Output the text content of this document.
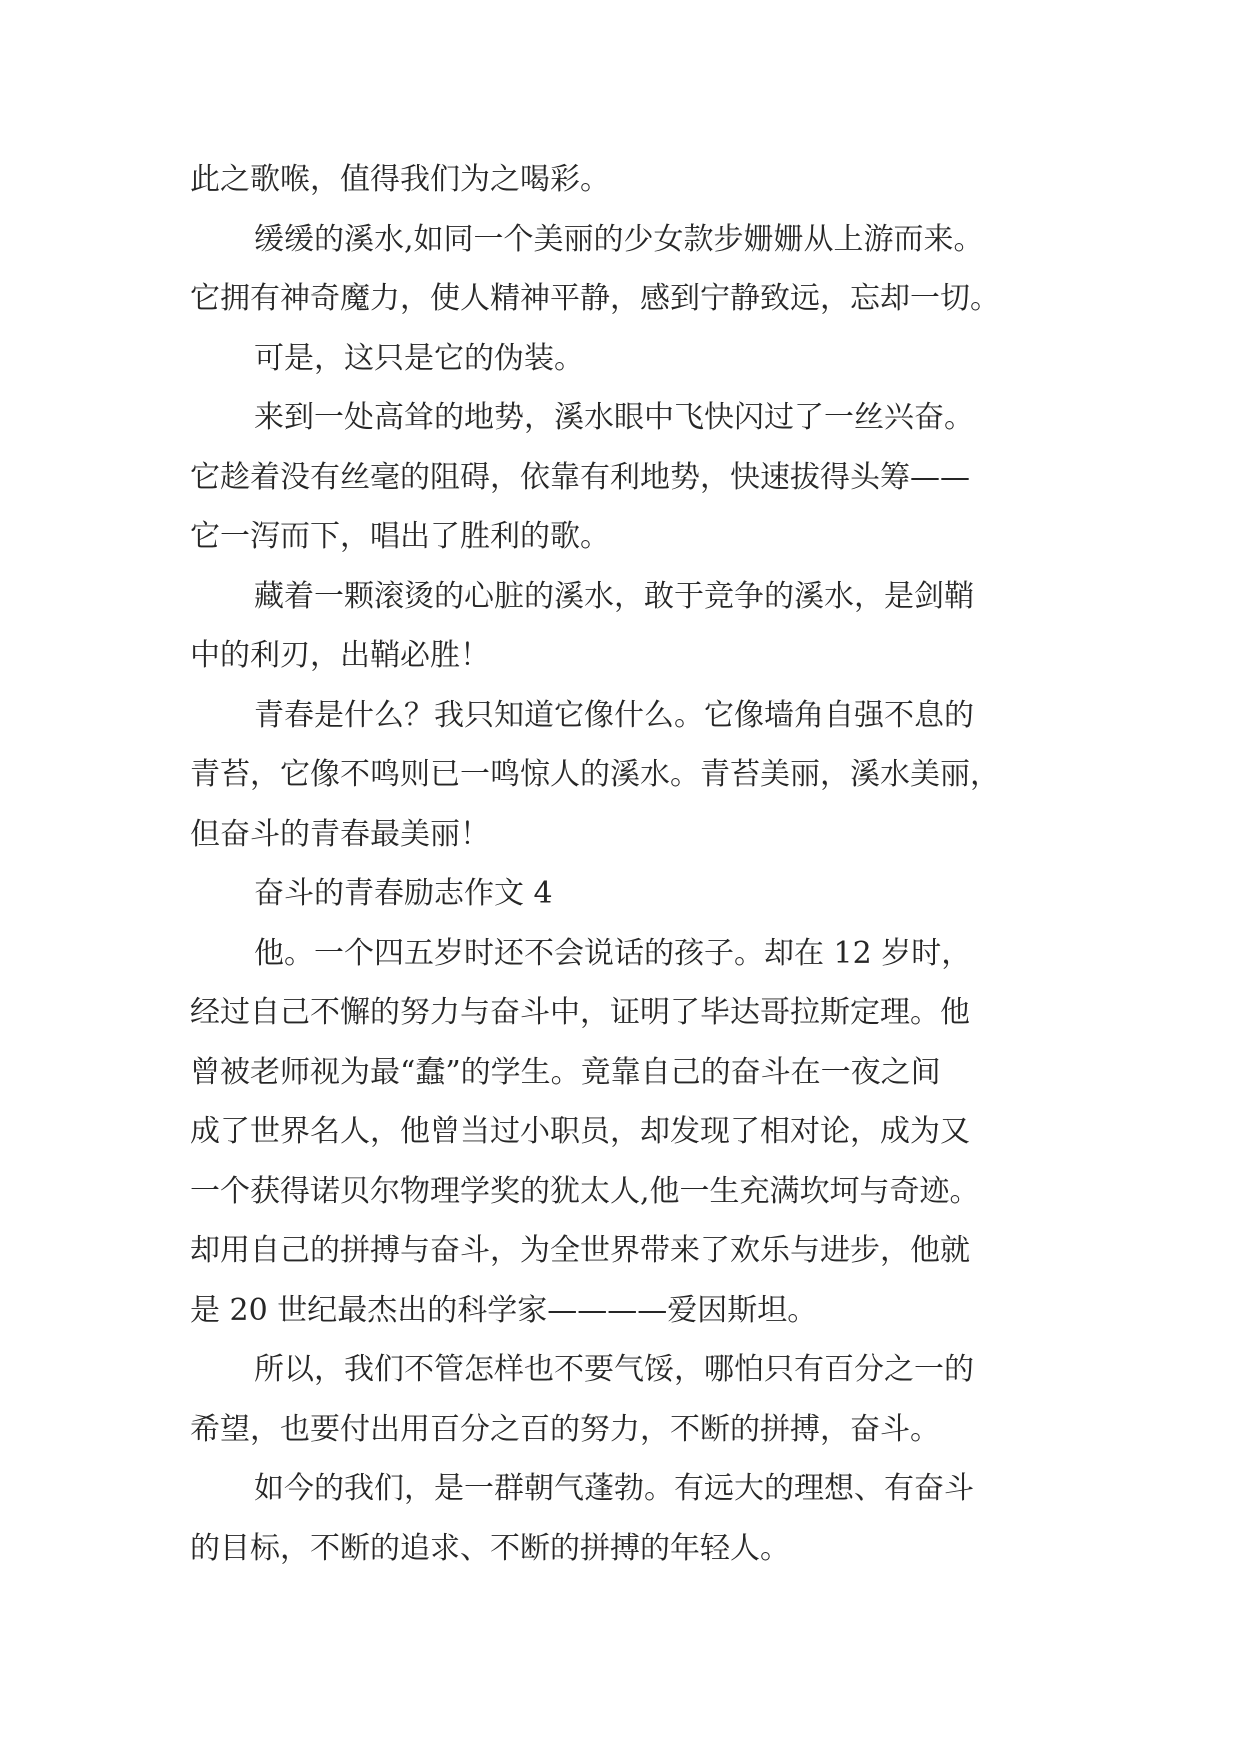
此之歌喉，值得我们为之喝彩。
缓缓的溪水,如同一个美丽的少女款步姗姗从上游而来。
它拥有神奇魔力，使人精神平静，感到宁静致远，忘却一切。
可是，这只是它的伪装。
来到一处高耸的地势，溪水眼中飞快闪过了一丝兴奋。
它趁着没有丝毫的阻碍，依靠有利地势，快速拔得头筹——
它一泻而下，唱出了胜利的歌。
藏着一颗滚烫的心脏的溪水，敢于竞争的溪水，是剑鞘
中的利刃，出鞘必胜！
青春是什么？我只知道它像什么。它像墙角自强不息的
青苔，它像不鸣则已一鸣惊人的溪水。青苔美丽，溪水美丽，
但奋斗的青春最美丽！
奋斗的青春励志作文 4
他。一个四五岁时还不会说话的孩子。却在 12 岁时，
经过自己不懈的努力与奋斗中，证明了毕达哥拉斯定理。他
曾被老师视为最“蠢”的学生。竟靠自己的奋斗在一夜之间
成了世界名人，他曾当过小职员，却发现了相对论，成为又
一个获得诺贝尔物理学奖的犹太人,他一生充满坎坷与奇迹。
却用自己的拼搏与奋斗，为全世界带来了欢乐与进步，他就
是 20 世纪最杰出的科学家————爱因斯坦。
所以，我们不管怎样也不要气馁，哪怕只有百分之一的
希望，也要付出用百分之百的努力，不断的拼搏，奋斗。
如今的我们，是一群朝气蓬勃。有远大的理想、有奋斗
的目标，不断的追求、不断的拼搏的年轻人。
